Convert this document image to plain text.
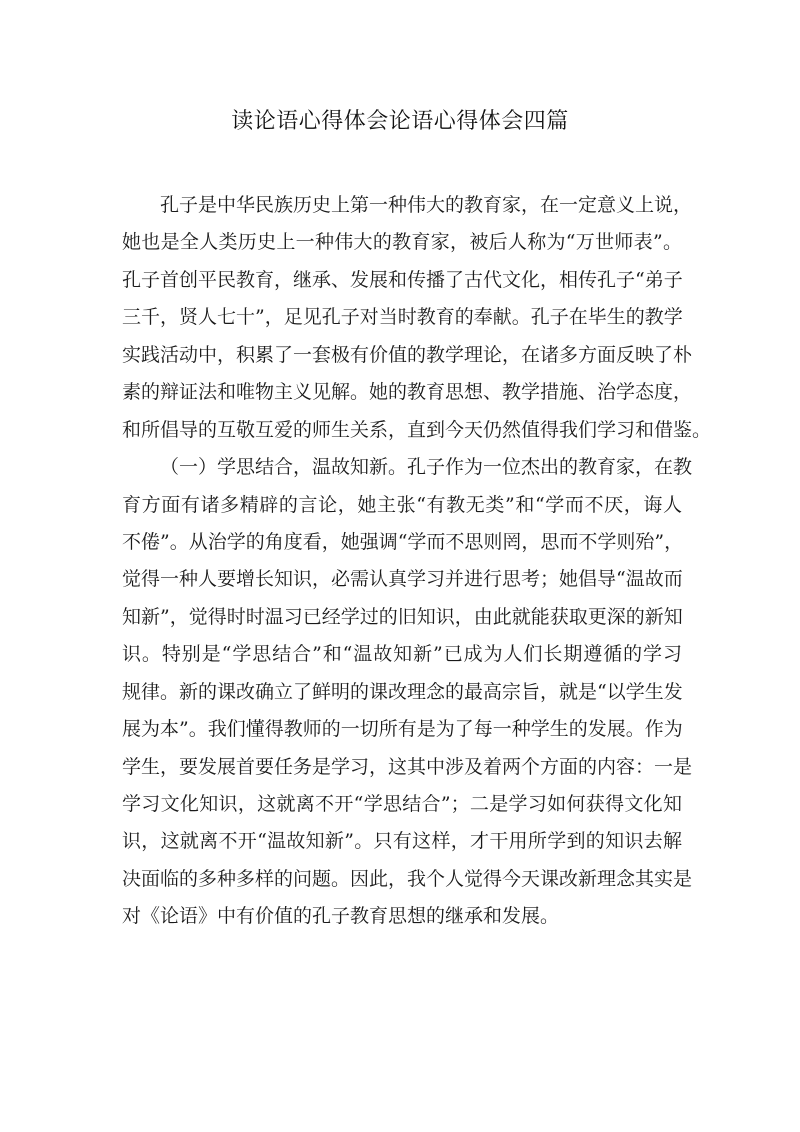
读论语心得体会论语心得体会四篇
孔子是中华民族历史上第一种伟大的教育家，在一定意义上说，
她也是全人类历史上一种伟大的教育家，被后人称为“万世师表”。
孔子首创平民教育，继承、发展和传播了古代文化，相传孔子“弟子
三千，贤人七十”，足见孔子对当时教育的奉献。孔子在毕生的教学
实践活动中，积累了一套极有价值的教学理论，在诸多方面反映了朴
素的辩证法和唯物主义见解。她的教育思想、教学措施、治学态度，
和所倡导的互敬互爱的师生关系，直到今天仍然值得我们学习和借鉴。
（一）学思结合，温故知新。孔子作为一位杰出的教育家，在教
育方面有诸多精辟的言论，她主张“有教无类”和“学而不厌，诲人
不倦”。从治学的角度看，她强调“学而不思则罔，思而不学则殆”，
觉得一种人要增长知识，必需认真学习并进行思考；她倡导“温故而
知新”，觉得时时温习已经学过的旧知识，由此就能获取更深的新知
识。特别是“学思结合”和“温故知新”已成为人们长期遵循的学习
规律。新的课改确立了鲜明的课改理念的最高宗旨，就是“以学生发
展为本”。我们懂得教师的一切所有是为了每一种学生的发展。作为
学生，要发展首要任务是学习，这其中涉及着两个方面的内容：一是
学习文化知识，这就离不开“学思结合”；二是学习如何获得文化知
识，这就离不开“温故知新”。只有这样，才干用所学到的知识去解
决面临的多种多样的问题。因此，我个人觉得今天课改新理念其实是
对《论语》中有价值的孔子教育思想的继承和发展。
